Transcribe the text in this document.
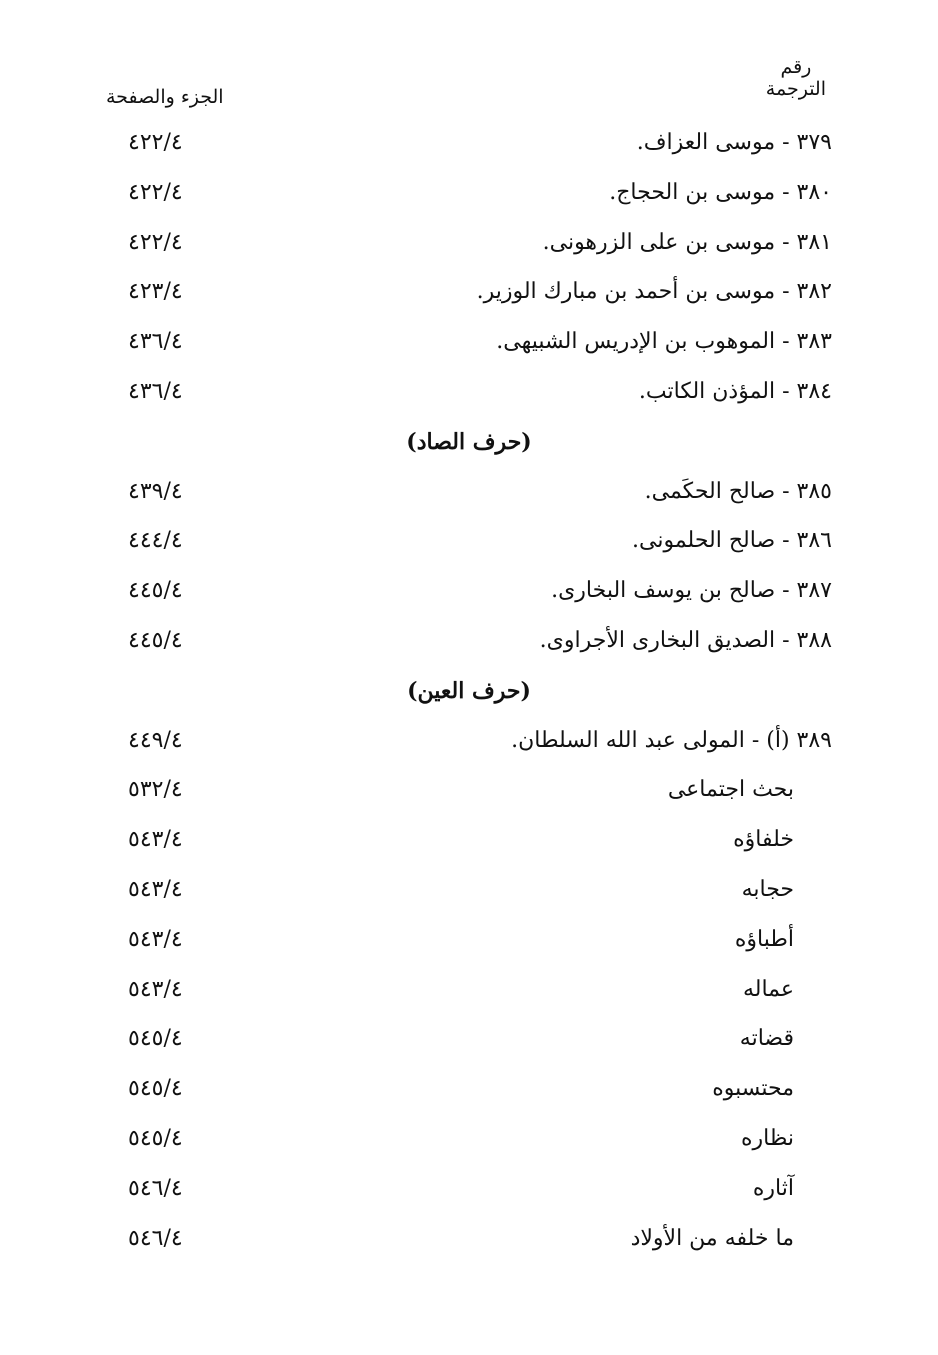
رقم
الترجمة
الجزء والصفحة
٣٧٩ - موسى العزاف.
٤٢٢/٤
٣٨٠ - موسى بن الحجاج.
٤٢٢/٤
٣٨١ - موسى بن على الزرهونى.
٤٢٢/٤
٣٨٢ - موسى بن أحمد بن مبارك الوزير.
٤٢٣/٤
٣٨٣ - الموهوب بن الإدريس الشبيهى.
٤٣٦/٤
٣٨٤ - المؤذن الكاتب.
٤٣٦/٤
(حرف الصاد)
٣٨٥ - صالح الحكَمى.
٤٣٩/٤
٣٨٦ - صالح الحلمونى.
٤٤٤/٤
٣٨٧ - صالح بن يوسف البخارى.
٤٤٥/٤
٣٨٨ - الصديق البخارى الأجراوى.
٤٤٥/٤
(حرف العين)
٣٨٩ (أ) - المولى عبد الله السلطان.
٤٤٩/٤
بحث اجتماعى
٥٣٢/٤
خلفاؤه
٥٤٣/٤
حجابه
٥٤٣/٤
أطباؤه
٥٤٣/٤
عماله
٥٤٣/٤
قضاته
٥٤٥/٤
محتسبوه
٥٤٥/٤
نظاره
٥٤٥/٤
آثاره
٥٤٦/٤
ما خلفه من الأولاد
٥٤٦/٤
